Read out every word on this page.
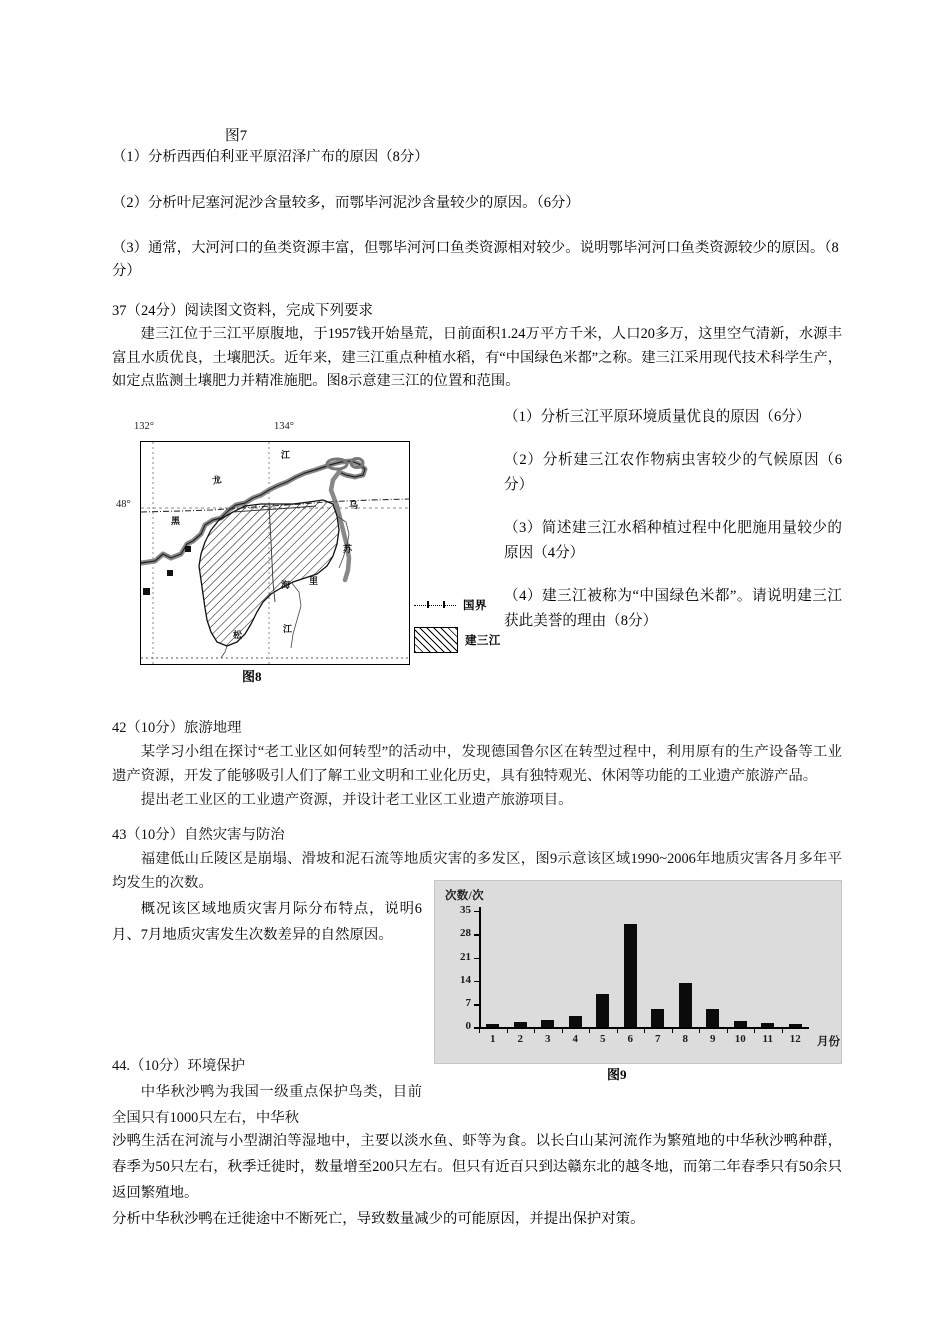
图7
（1）分析西西伯利亚平原沼泽广布的原因（8分）
（2）分析叶尼塞河泥沙含量较多，而鄂毕河泥沙含量较少的原因。（6分）
（3）通常，大河河口的鱼类资源丰富，但鄂毕河河口鱼类资源相对较少。说明鄂毕河河口鱼类资源较少的原因。（8分）
37（24分）阅读图文资料，完成下列要求
建三江位于三江平原腹地，于1957钱开始垦荒，日前面积1.24万平方千米，人口20多万，这里空气清新，水源丰富且水质优良，土壤肥沃。近年来，建三江重点种植水稻，有“中国绿色米都”之称。建三江采用现代技术科学生产，如定点监测土壤肥力并精准施肥。图8示意建三江的位置和范围。
132°	134°
48°
龙
江
黑
乌
苏
里
海
江
松
国界
建三江
图8
（1）分析三江平原环境质量优良的原因（6分）
（2）分析建三江农作物病虫害较少的气候原因（6分）
（3）简述建三江水稻种植过程中化肥施用量较少的原因（4分）
（4）建三江被称为“中国绿色米都”。请说明建三江获此美誉的理由（8分）
42（10分）旅游地理
某学习小组在探讨“老工业区如何转型”的活动中，发现德国鲁尔区在转型过程中，利用原有的生产设备等工业遗产资源，开发了能够吸引人们了解工业文明和工业化历史，具有独特观光、休闲等功能的工业遗产旅游产品。
提出老工业区的工业遗产资源，并设计老工业区工业遗产旅游项目。
43（10分）自然灾害与防治
福建低山丘陵区是崩塌、滑坡和泥石流等地质灾害的多发区，图9示意该区域1990~2006年地质灾害各月多年平均发生的次数。
概况该区域地质灾害月际分布特点，说明6月、7月地质灾害发生次数差异的自然原因。
次数/次
0
7
14
21
28
35
1 2 3 4 5 6 7 8 9 10 11 12 月份
图9
44.（10分）环境保护
中华秋沙鸭为我国一级重点保护鸟类，目前全国只有1000只左右，中华秋
沙鸭生活在河流与小型湖泊等湿地中，主要以淡水鱼、虾等为食。以长白山某河流作为繁殖地的中华秋沙鸭种群，春季为50只左右，秋季迁徙时，数量增至200只左右。但只有近百只到达赣东北的越冬地，而第二年春季只有50余只返回繁殖地。
分析中华秋沙鸭在迁徙途中不断死亡，导致数量减少的可能原因，并提出保护对策。
